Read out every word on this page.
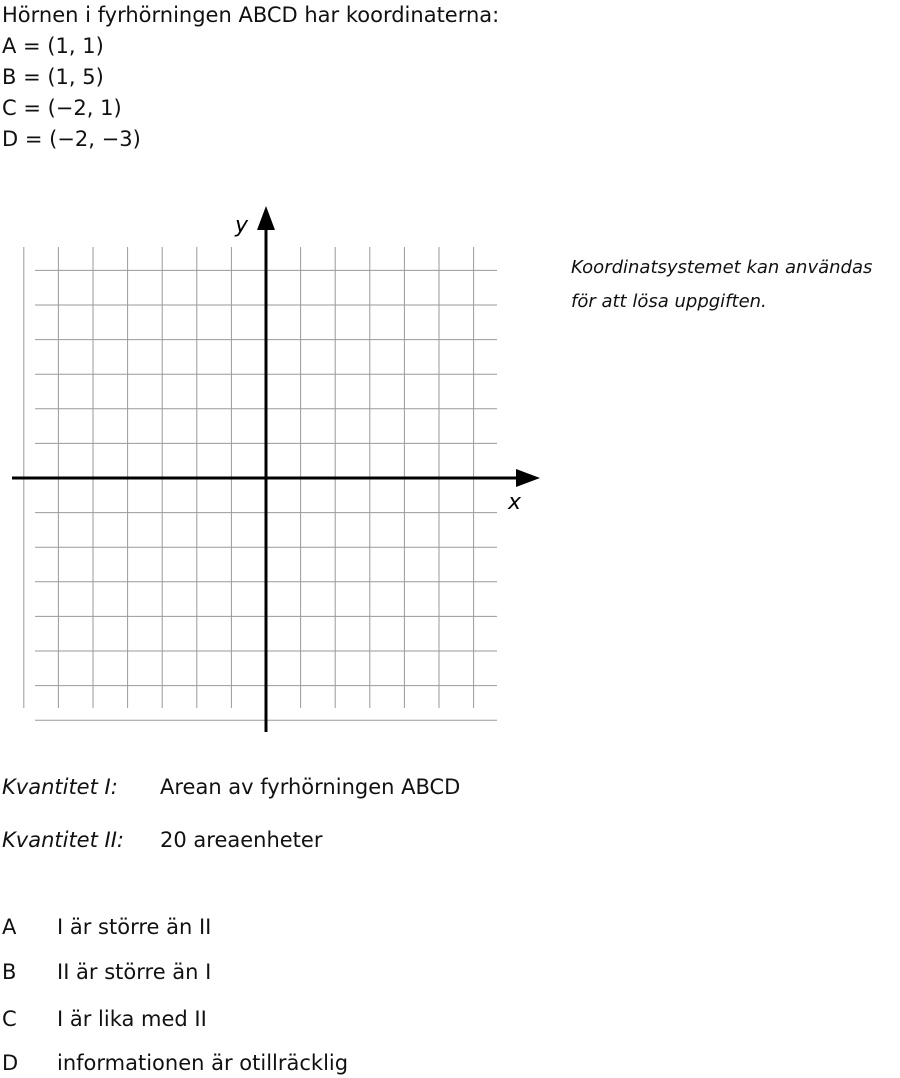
Hörnen i fyrhörningen ABCD har koordinaterna:
A = (1, 1)
B = (1, 5)
C = (−2, 1)
D = (−2, −3)
x
y
Koordinatsystemet kan användas
för att lösa uppgiften.
Kvantitet I: Arean av fyrhörningen ABCD
Kvantitet II: 20 areaenheter
A I är större än II
B II är större än I
C I är lika med II
D informationen är otillräcklig
